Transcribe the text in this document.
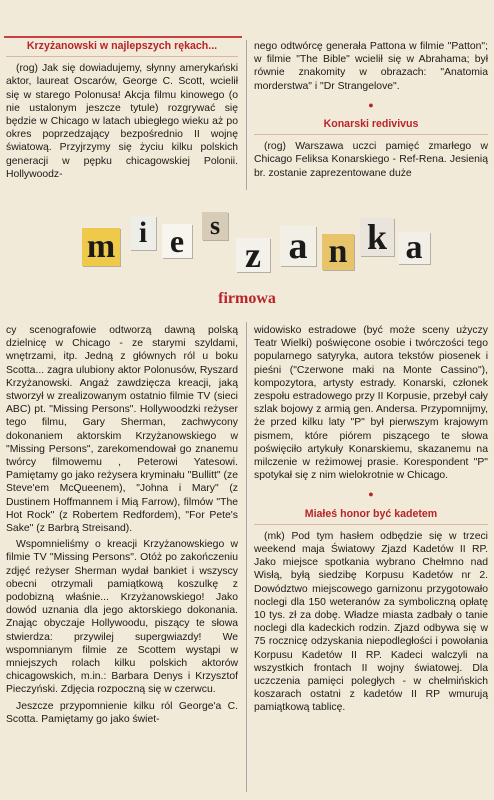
Krzyżanowski w najlepszych rękach...

(rog) Jak się dowiadujemy, słynny amerykański aktor, laureat Oscarów, George C. Scott, wcielił się w starego Polonusa! Akcja filmu kinowego (o nie ustalonym jeszcze tytule) rozgrywać się będzie w Chicago w latach ubiegłego wieku aż po okres poprzedzający bezpośrednio II wojnę światową. Przyjrzymy się życiu kilku polskich generacji w pępku chicagowskiej Polonii. Hollywoodz-

nego odtwórcę generała Pattona w filmie "Patton"; w filmie "The Bible" wcielił się w Abrahama; był równie znakomity w obrazach: "Anatomia morderstwa" i "Dr Strangelove".

●
Konarski redivivus

(rog) Warszawa uczci pamięć zmarłego w Chicago Feliksa Konarskiego - Ref-Rena. Jesienią br. zostanie zaprezentowane duże

m i e s
z a n k a
firmowa

cy scenografowie odtworzą dawną polską dzielnicę w Chicago - ze starymi szyldami, wnętrzami, itp. Jedną z głównych ról u boku Scotta... zagra ulubiony aktor Polonusów, Ryszard Krzyżanowski. Angaż zawdzięcza kreacji, jaką stworzył w zrealizowanym ostatnio filmie TV (sieci ABC) pt. "Missing Persons". Hollywoodzki reżyser tego filmu, Gary Sherman, zachwycony dokonaniem aktorskim Krzyżanowskiego w "Missing Persons", zarekomendował go znanemu twórcy filmowemu , Peterowi Yatesowi. Pamiętamy go jako reżysera kryminału "Bullitt" (ze Steve'em McQueenem), "Johna i Mary" (z Dustinem Hoffmannem i Mią Farrow), filmów "The Hot Rock" (z Robertem Redfordem), "For Pete's Sake" (z Barbrą Streisand).

Wspomnieliśmy o kreacji Krzyżanowskiego w filmie TV "Missing Persons". Otóż po zakończeniu zdjęć reżyser Sherman wydał bankiet i wszyscy obecni otrzymali pamiątkową koszulkę z podobizną właśnie... Krzyżanowskiego! Jako dowód uznania dla jego aktorskiego dokonania. Znając obyczaje Hollywoodu, piszący te słowa stwierdza: przywilej supergwiazdy! We wspomnianym filmie ze Scottem wystąpi w mniejszych rolach kilku polskich aktorów chicagowskich, m.in.: Barbara Denys i Krzysztof Pieczyński. Zdjęcia rozpoczną się w czerwcu.

Jeszcze przypomnienie kilku ról George'a C. Scotta. Pamiętamy go jako świet-

widowisko estradowe (być może sceny użyczy Teatr Wielki) poświęcone osobie i twórczości tego popularnego satyryka, autora tekstów piosenek i pieśni ("Czerwone maki na Monte Cassino"), kompozytora, artysty estrady. Konarski, członek zespołu estradowego przy II Korpusie, przebył cały szlak bojowy z armią gen. Andersa. Przypomnijmy, że przed kilku laty "P" był pierwszym krajowym pismem, które piórem piszącego te słowa poświęciło artykuły Konarskiemu, skazanemu na milczenie w reżimowej prasie. Korespondent "P" spotykał się z nim wielokrotnie w Chicago.

●
Miałeś honor być kadetem

(mk) Pod tym hasłem odbędzie się w trzeci weekend maja Światowy Zjazd Kadetów II RP. Jako miejsce spotkania wybrano Chełmno nad Wisłą, byłą siedzibę Korpusu Kadetów nr 2. Dowództwo miejscowego garnizonu przygotowało noclegi dla 150 weteranów za symboliczną opłatę 10 tys. zł za dobę. Władze miasta zadbały o tanie noclegi dla kadeckich rodzin. Zjazd odbywa się w 75 rocznicę odzyskania niepodległości i powołania Korpusu Kadetów II RP. Kadeci walczyli na wszystkich frontach II wojny światowej. Dla uczczenia pamięci poległych - w chełmińskich koszarach ostatni z kadetów II RP wmurują pamiątkową tablicę.
